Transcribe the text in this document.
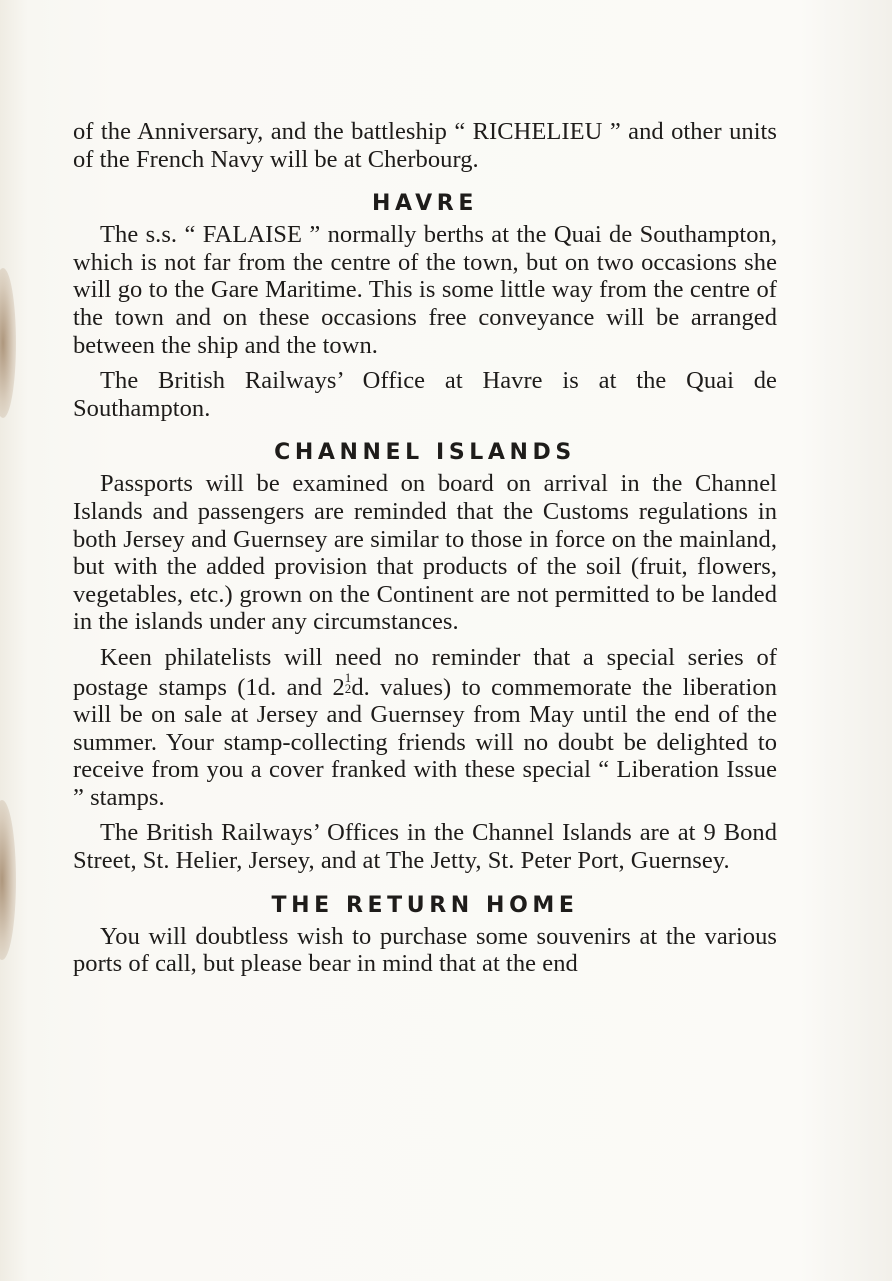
of the Anniversary, and the battleship “ RICHELIEU ” and other units of the French Navy will be at Cherbourg.

HAVRE

The s.s. “ FALAISE ” normally berths at the Quai de Southampton, which is not far from the centre of the town, but on two occasions she will go to the Gare Maritime. This is some little way from the centre of the town and on these occasions free conveyance will be arranged between the ship and the town.

The British Railways’ Office at Havre is at the Quai de Southampton.

CHANNEL ISLANDS

Passports will be examined on board on arrival in the Channel Islands and passengers are reminded that the Customs regulations in both Jersey and Guernsey are similar to those in force on the mainland, but with the added provision that products of the soil (fruit, flowers, vegetables, etc.) grown on the Continent are not permitted to be landed in the islands under any circumstances.

Keen philatelists will need no reminder that a special series of postage stamps (1d. and 2 1
2 d. values) to commemorate the liberation will be on sale at Jersey and Guernsey from May until the end of the summer. Your stamp-collecting friends will no doubt be delighted to receive from you a cover franked with these special “ Liberation Issue ” stamps.

The British Railways’ Offices in the Channel Islands are at 9 Bond Street, St. Helier, Jersey, and at The Jetty, St. Peter Port, Guernsey.

THE RETURN HOME

You will doubtless wish to purchase some souvenirs at the various ports of call, but please bear in mind that at the end
